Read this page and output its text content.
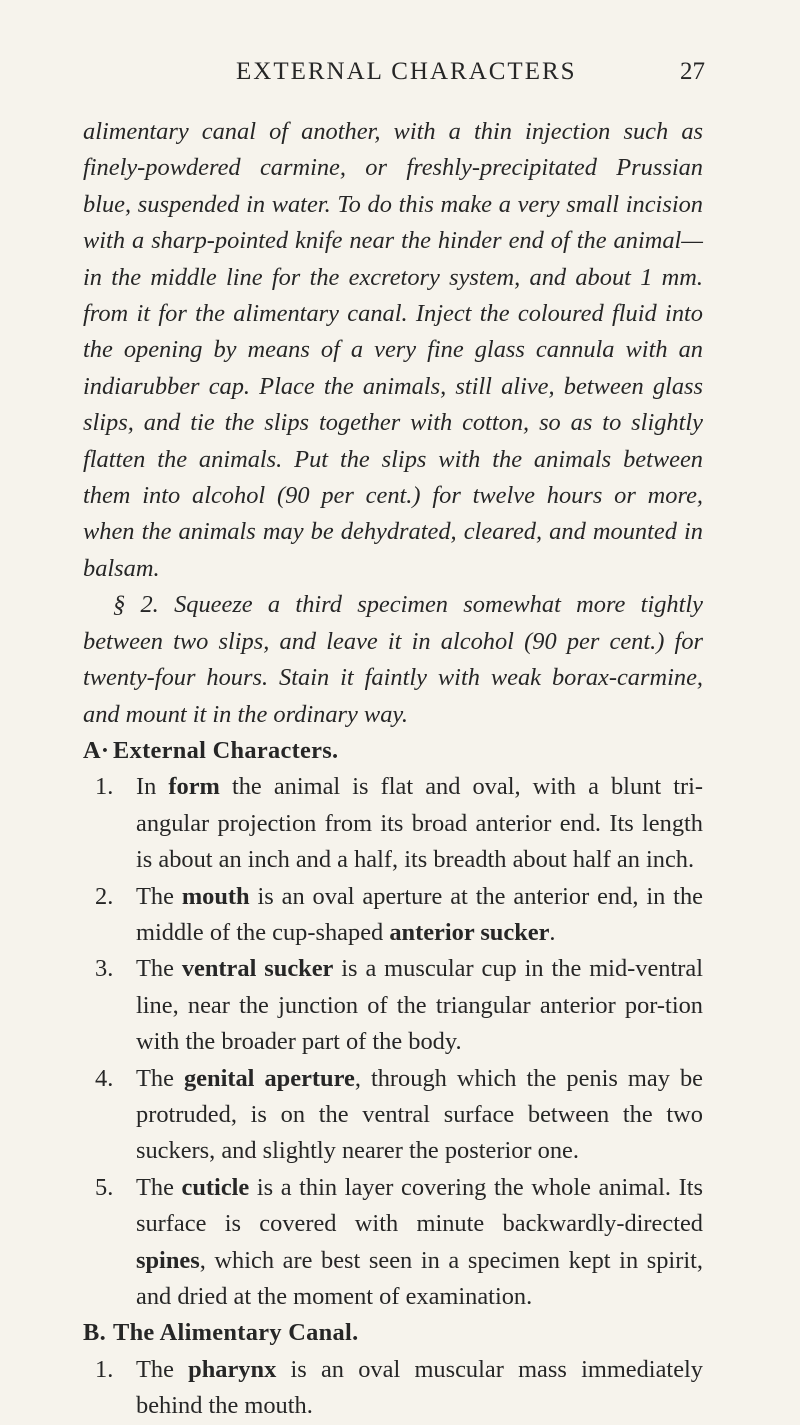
EXTERNAL CHARACTERS	27

alimentary canal of another, with a thin injection such as finely-powdered carmine, or freshly-precipitated Prussian blue, suspended in water. To do this make a very small incision with a sharp-pointed knife near the hinder end of the animal—in the middle line for the excretory system, and about 1 mm. from it for the alimentary canal. Inject the coloured fluid into the opening by means of a very fine glass cannula with an indiarubber cap. Place the animals, still alive, between glass slips, and tie the slips together with cotton, so as to slightly flatten the animals. Put the slips with the animals between them into alcohol (90 per cent.) for twelve hours or more, when the animals may be dehydrated, cleared, and mounted in balsam.

§ 2. Squeeze a third specimen somewhat more tightly between two slips, and leave it in alcohol (90 per cent.) for twenty-four hours. Stain it faintly with weak borax-carmine, and mount it in the ordinary way.

A· External Characters.

1. In form the animal is flat and oval, with a blunt tri-angular projection from its broad anterior end. Its length is about an inch and a half, its breadth about half an inch.
2. The mouth is an oval aperture at the anterior end, in the middle of the cup-shaped anterior sucker.
3. The ventral sucker is a muscular cup in the mid-ventral line, near the junction of the triangular anterior por-tion with the broader part of the body.
4. The genital aperture, through which the penis may be protruded, is on the ventral surface between the two suckers, and slightly nearer the posterior one.
5. The cuticle is a thin layer covering the whole animal. Its surface is covered with minute backwardly-directed spines, which are best seen in a specimen kept in spirit, and dried at the moment of examination.

B. The Alimentary Canal.

1. The pharynx is an oval muscular mass immediately behind the mouth.
